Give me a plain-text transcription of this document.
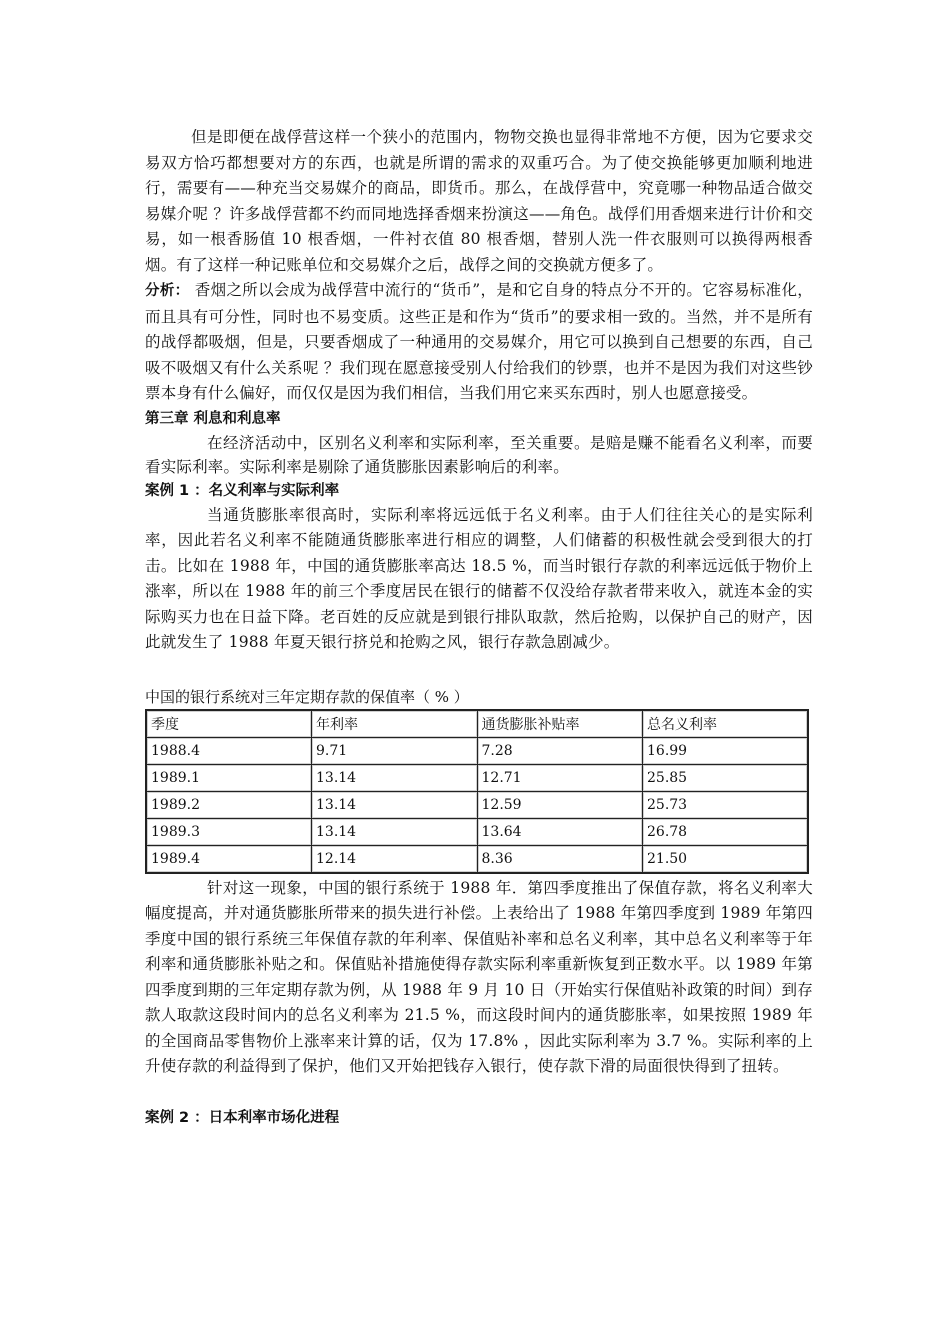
但是即便在战俘营这样一个狭小的范围内，物物交换也显得非常地不方便，因为它要求交易双方恰巧都想要对方的东西，也就是所谓的需求的双重巧合。为了使交换能够更加顺利地进行，需要有——种充当交易媒介的商品，即货币。那么，在战俘营中，究竟哪一种物品适合做交易媒介呢 ？许多战俘营都不约而同地选择香烟来扮演这——角色。战俘们用香烟来进行计价和交易，如一根香肠值 10 根香烟，一件衬衣值 80 根香烟，替别人洗一件衣服则可以换得两根香烟。有了这样一种记账单位和交易媒介之后，战俘之间的交换就方便多了。

分析： 香烟之所以会成为战俘营中流行的“货币”，是和它自身的特点分不开的。它容易标准化，而且具有可分性，同时也不易变质。这些正是和作为“货币”的要求相一致的。当然，并不是所有的战俘都吸烟，但是，只要香烟成了一种通用的交易媒介，用它可以换到自己想要的东西，自己吸不吸烟又有什么关系呢 ？我们现在愿意接受别人付给我们的钞票，也并不是因为我们对这些钞票本身有什么偏好，而仅仅是因为我们相信，当我们用它来买东西时，别人也愿意接受。

第三章 利息和利息率

在经济活动中，区别名义利率和实际利率，至关重要。是赔是赚不能看名义利率，而要看实际利率。实际利率是剔除了通货膨胀因素影响后的利率。

案例 1 ：名义利率与实际利率

当通货膨胀率很高时，实际利率将远远低于名义利率。由于人们往往关心的是实际利率，因此若名义利率不能随通货膨胀率进行相应的调整，人们储蓄的积极性就会受到很大的打击。比如在 1988 年，中国的通货膨胀率高达 18.5 %，而当时银行存款的利率远远低于物价上涨率，所以在 1988 年的前三个季度居民在银行的储蓄不仅没给存款者带来收入，就连本金的实际购买力也在日益下降。老百姓的反应就是到银行排队取款，然后抢购，以保护自己的财产，因此就发生了 1988 年夏天银行挤兑和抢购之风，银行存款急剧减少。

中国的银行系统对三年定期存款的保值率（ % ）
季度	年利率	通货膨胀补贴率	总名义利率
1988.4	9.71	7.28	16.99
1989.1	13.14	12.71	25.85
1989.2	13.14	12.59	25.73
1989.3	13.14	13.64	26.78
1989.4	12.14	8.36	21.50

针对这一现象，中国的银行系统于 1988 年．第四季度推出了保值存款，将名义利率大幅度提高，并对通货膨胀所带来的损失进行补偿。上表给出了 1988 年第四季度到 1989 年第四季度中国的银行系统三年保值存款的年利率、保值贴补率和总名义利率，其中总名义利率等于年利率和通货膨胀补贴之和。保值贴补措施使得存款实际利率重新恢复到正数水平。以 1989 年第四季度到期的三年定期存款为例，从 1988 年 9 月 10 日（开始实行保值贴补政策的时间）到存款人取款这段时间内的总名义利率为 21.5 %，而这段时间内的通货膨胀率，如果按照 1989 年的全国商品零售物价上涨率来计算的话，仅为 17.8% ，因此实际利率为 3.7 %。实际利率的上升使存款的利益得到了保护，他们又开始把钱存入银行，使存款下滑的局面很快得到了扭转。

案例 2 ：日本利率市场化进程
